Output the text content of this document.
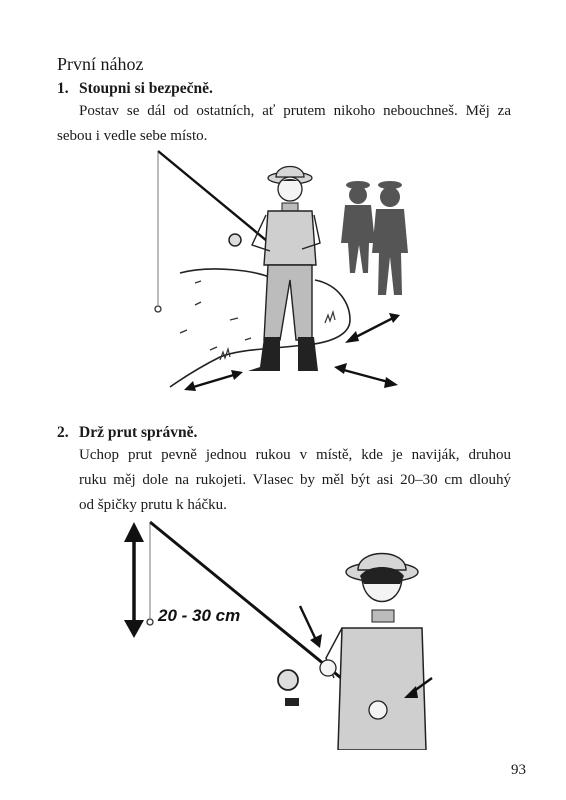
První nához
1. Stoupni si bezpečně.
Postav se dál od ostatních, ať prutem nikoho nebouchneš. Měj za
sebou i vedle sebe místo.
2. Drž prut správně.
Uchop prut pevně jednou rukou v místě, kde je naviják, druhou
ruku měj dole na rukojeti. Vlasec by měl být asi 20–30 cm dlouhý
od špičky prutu k háčku.
20 - 30 cm
93
